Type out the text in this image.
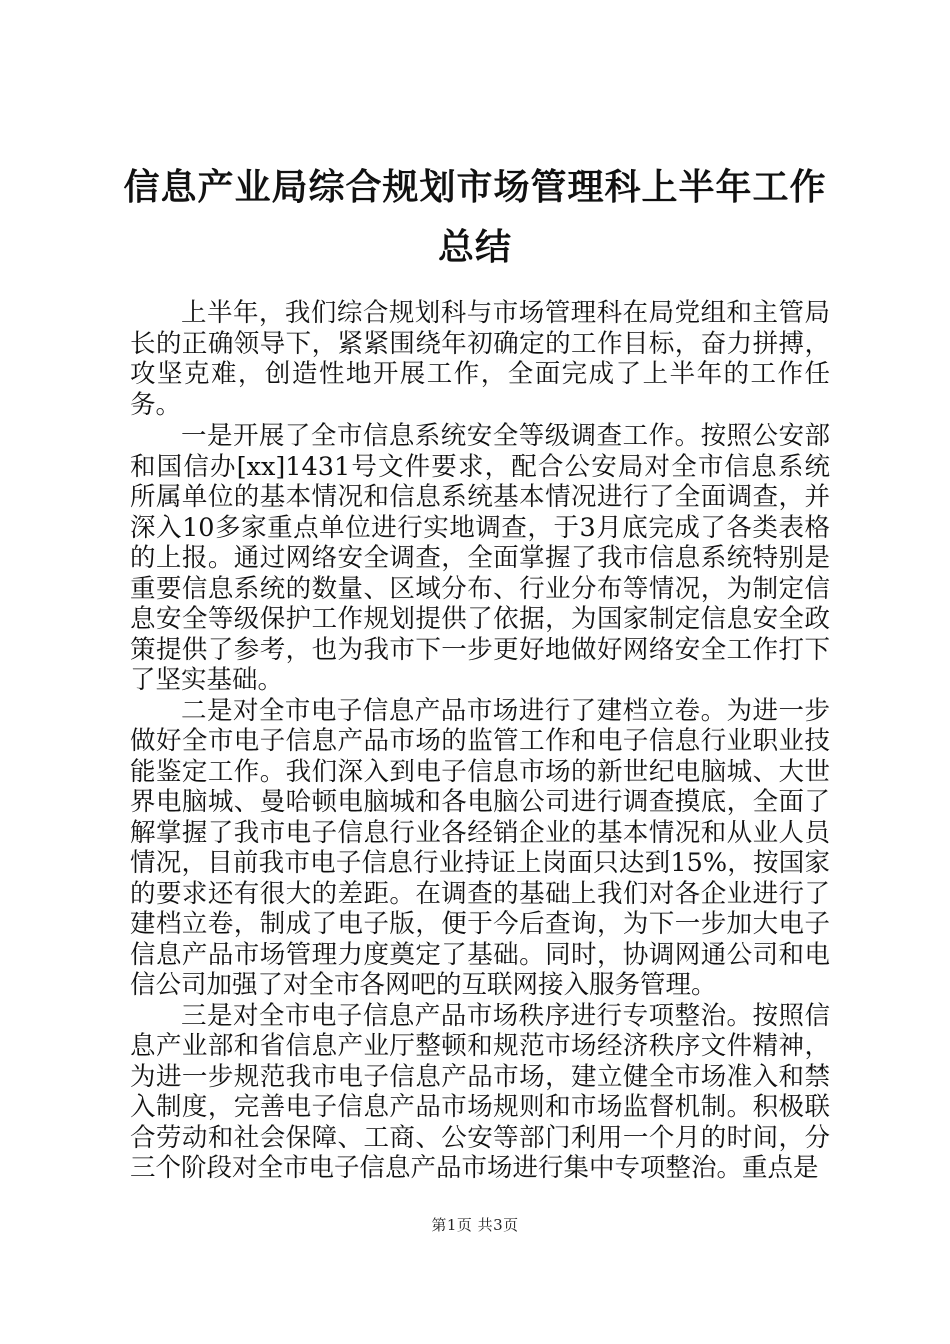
信息产业局综合规划市场管理科上半年工作总结

上半年，我们综合规划科与市场管理科在局党组和主管局长的正确领导下，紧紧围绕年初确定的工作目标，奋力拼搏，攻坚克难，创造性地开展工作，全面完成了上半年的工作任务。

一是开展了全市信息系统安全等级调查工作。按照公安部和国信办[xx]1431号文件要求，配合公安局对全市信息系统所属单位的基本情况和信息系统基本情况进行了全面调查，并深入10多家重点单位进行实地调查，于3月底完成了各类表格的上报。通过网络安全调查，全面掌握了我市信息系统特别是重要信息系统的数量、区域分布、行业分布等情况，为制定信息安全等级保护工作规划提供了依据，为国家制定信息安全政策提供了参考，也为我市下一步更好地做好网络安全工作打下了坚实基础。

二是对全市电子信息产品市场进行了建档立卷。为进一步做好全市电子信息产品市场的监管工作和电子信息行业职业技能鉴定工作。我们深入到电子信息市场的新世纪电脑城、大世界电脑城、曼哈顿电脑城和各电脑公司进行调查摸底，全面了解掌握了我市电子信息行业各经销企业的基本情况和从业人员情况，目前我市电子信息行业持证上岗面只达到15%，按国家的要求还有很大的差距。在调查的基础上我们对各企业进行了建档立卷，制成了电子版，便于今后查询，为下一步加大电子信息产品市场管理力度奠定了基础。同时，协调网通公司和电信公司加强了对全市各网吧的互联网接入服务管理。

三是对全市电子信息产品市场秩序进行专项整治。按照信息产业部和省信息产业厅整顿和规范市场经济秩序文件精神，为进一步规范我市电子信息产品市场，建立健全市场准入和禁入制度，完善电子信息产品市场规则和市场监督机制。积极联合劳动和社会保障、工商、公安等部门利用一个月的时间，分三个阶段对全市电子信息产品市场进行集中专项整治。重点是

第1页 共3页
